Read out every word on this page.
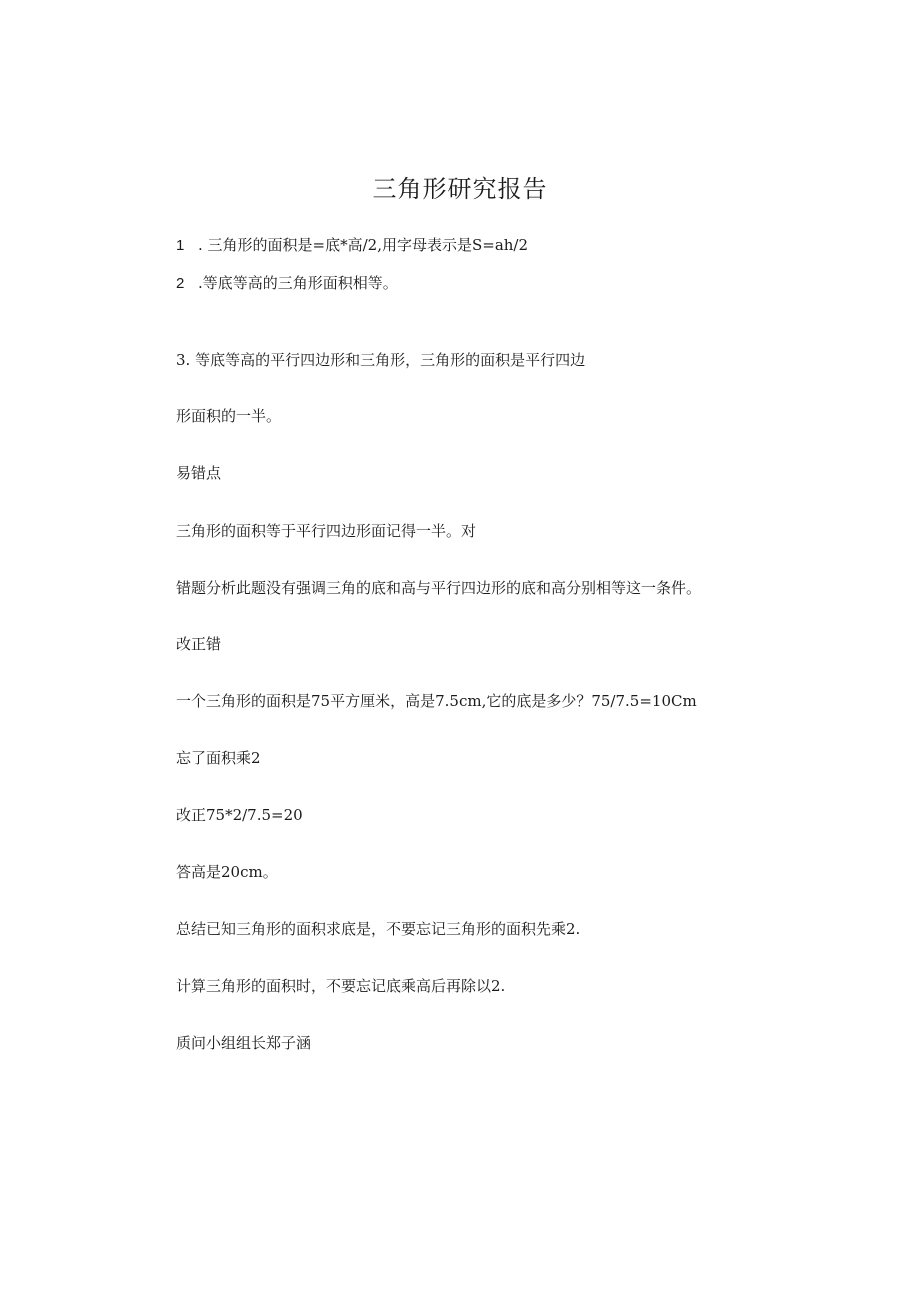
三角形研究报告
1 . 三角形的面积是=底*高/2,用字母表示是S=ah/2
2 .等底等高的三角形面积相等。
3. 等底等高的平行四边形和三角形，三角形的面积是平行四边
形面积的一半。
易错点
三角形的面积等于平行四边形面记得一半。对
错题分析此题没有强调三角的底和高与平行四边形的底和高分别相等这一条件。
改正错
一个三角形的面积是75平方厘米，高是7.5cm,它的底是多少？75/7.5=10Cm
忘了面积乘2
改正75*2/7.5=20
答高是20cm。
总结已知三角形的面积求底是，不要忘记三角形的面积先乘2.
计算三角形的面积时，不要忘记底乘高后再除以2.
质问小组组长郑子涵
